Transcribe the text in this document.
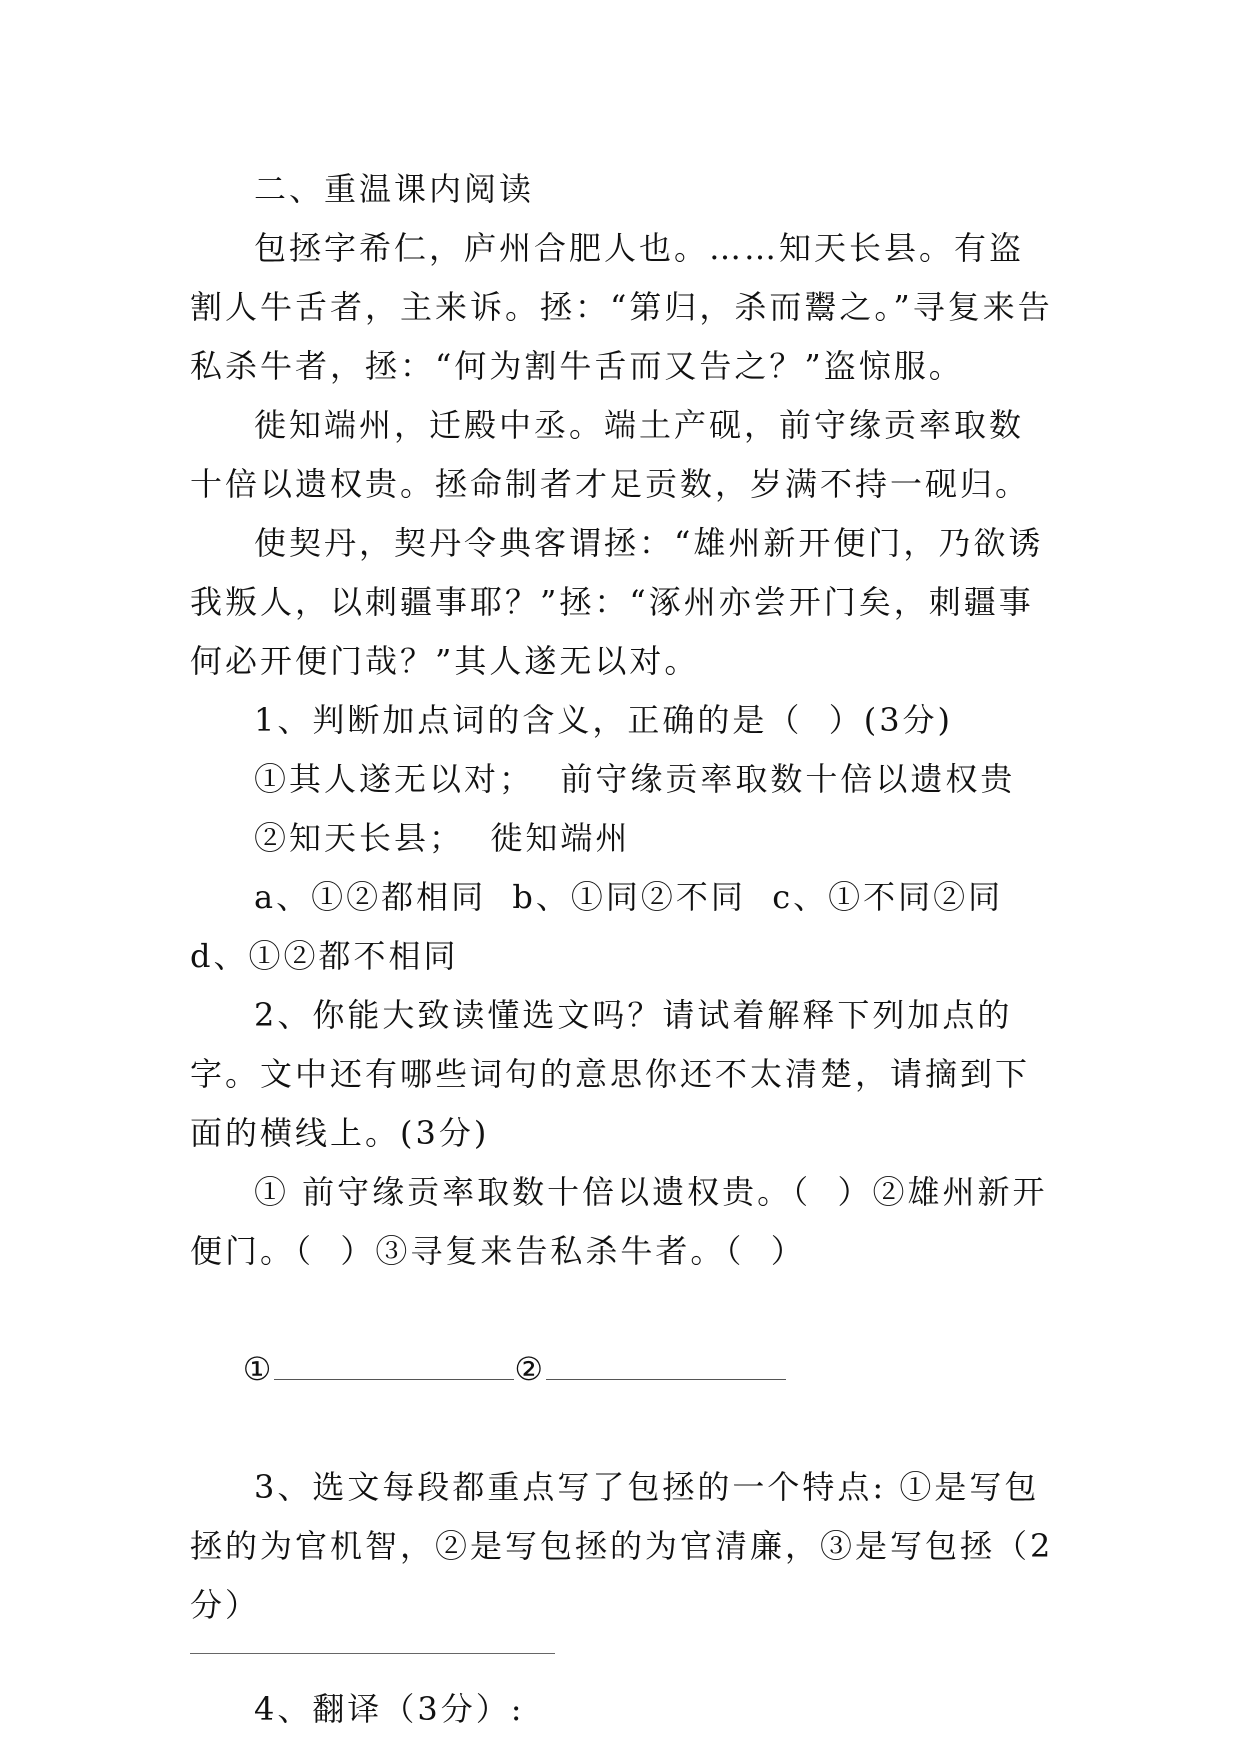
二、重温课内阅读

包拯字希仁，庐州合肥人也。……知天长县。有盗割人牛舌者，主来诉。拯：“第归，杀而鬻之。”寻复来告私杀牛者，拯：“何为割牛舌而又告之？”盗惊服。

徙知端州，迁殿中丞。端土产砚，前守缘贡率取数十倍以遗权贵。拯命制者才足贡数，岁满不持一砚归。

使契丹，契丹令典客谓拯：“雄州新开便门，乃欲诱我叛人，以刺疆事耶？”拯：“涿州亦尝开门矣，刺疆事何必开便门哉？”其人遂无以对。

1、判断加点词的含义，正确的是（  ）(3分)

①其人遂无以对；  前守缘贡率取数十倍以遗权贵

②知天长县；  徙知端州

a、①②都相同  b、①同②不同  c、①不同②同  d、①②都不相同

2、你能大致读懂选文吗？请试着解释下列加点的字。文中还有哪些词句的意思你还不太清楚，请摘到下面的横线上。(3分)

① 前守缘贡率取数十倍以遗权贵。（  ）②雄州新开便门。（  ）③寻复来告私杀牛者。（  ）

①	②

3、选文每段都重点写了包拯的一个特点: ①是写包拯的为官机智，②是写包拯的为官清廉，③是写包拯（2分）

4、翻译（3分）:
